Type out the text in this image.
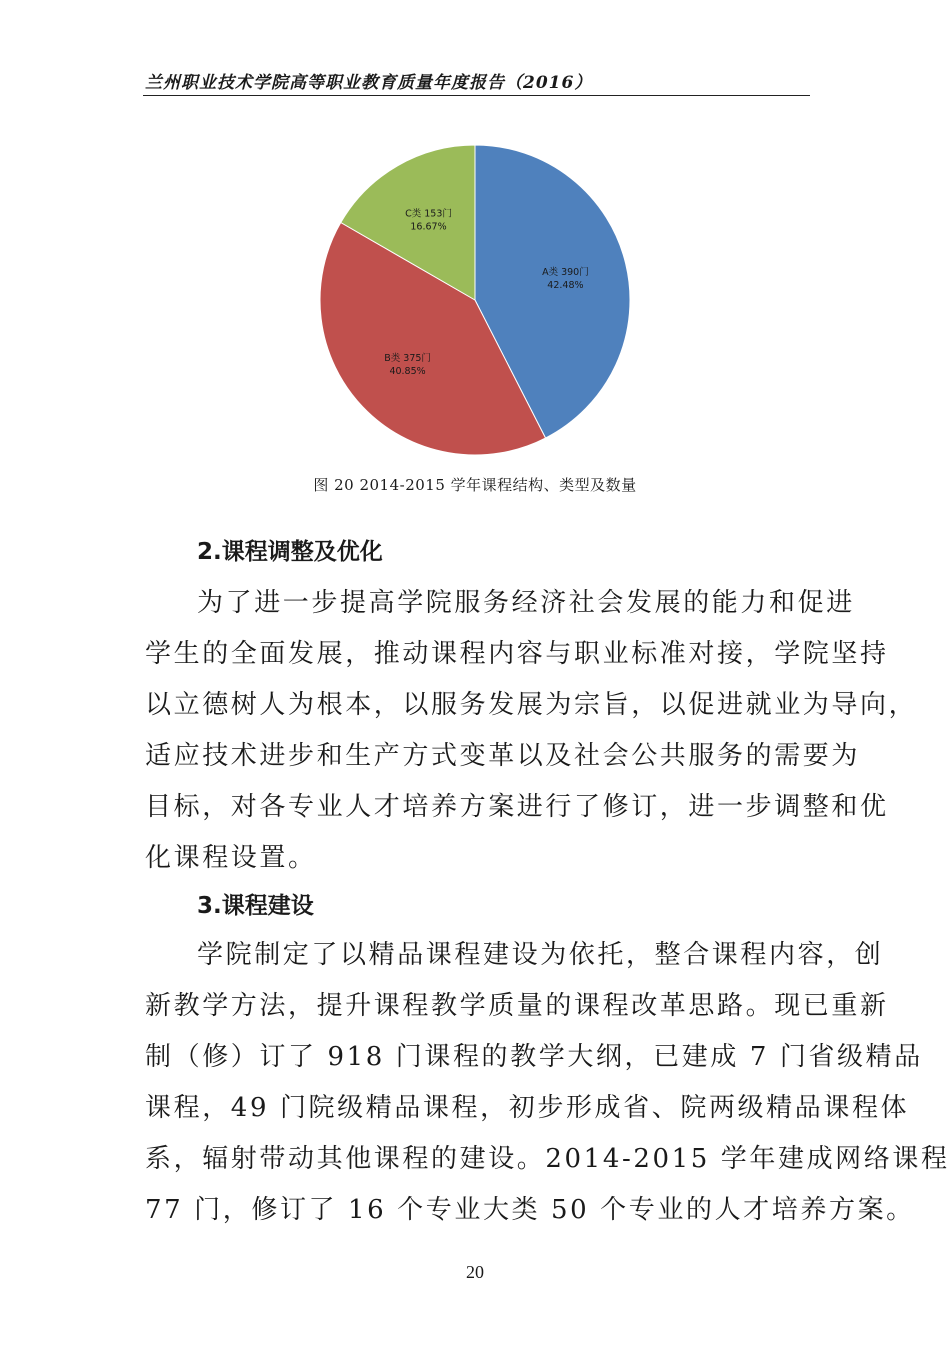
兰州职业技术学院高等职业教育质量年度报告（2016）
A类 390门
42.48%
B类 375门
40.85%
C类 153门
16.67%
图 20 2014-2015 学年课程结构、类型及数量
2.课程调整及优化
为了进一步提高学院服务经济社会发展的能力和促进
学生的全面发展，推动课程内容与职业标准对接，学院坚持
以立德树人为根本，以服务发展为宗旨，以促进就业为导向，
适应技术进步和生产方式变革以及社会公共服务的需要为
目标，对各专业人才培养方案进行了修订，进一步调整和优
化课程设置。
3.课程建设
学院制定了以精品课程建设为依托，整合课程内容，创
新教学方法，提升课程教学质量的课程改革思路。现已重新
制（修）订了 918 门课程的教学大纲，已建成 7 门省级精品
课程，49 门院级精品课程，初步形成省、院两级精品课程体
系，辐射带动其他课程的建设。2014-2015 学年建成网络课程
77 门，修订了 16 个专业大类 50 个专业的人才培养方案。
20
